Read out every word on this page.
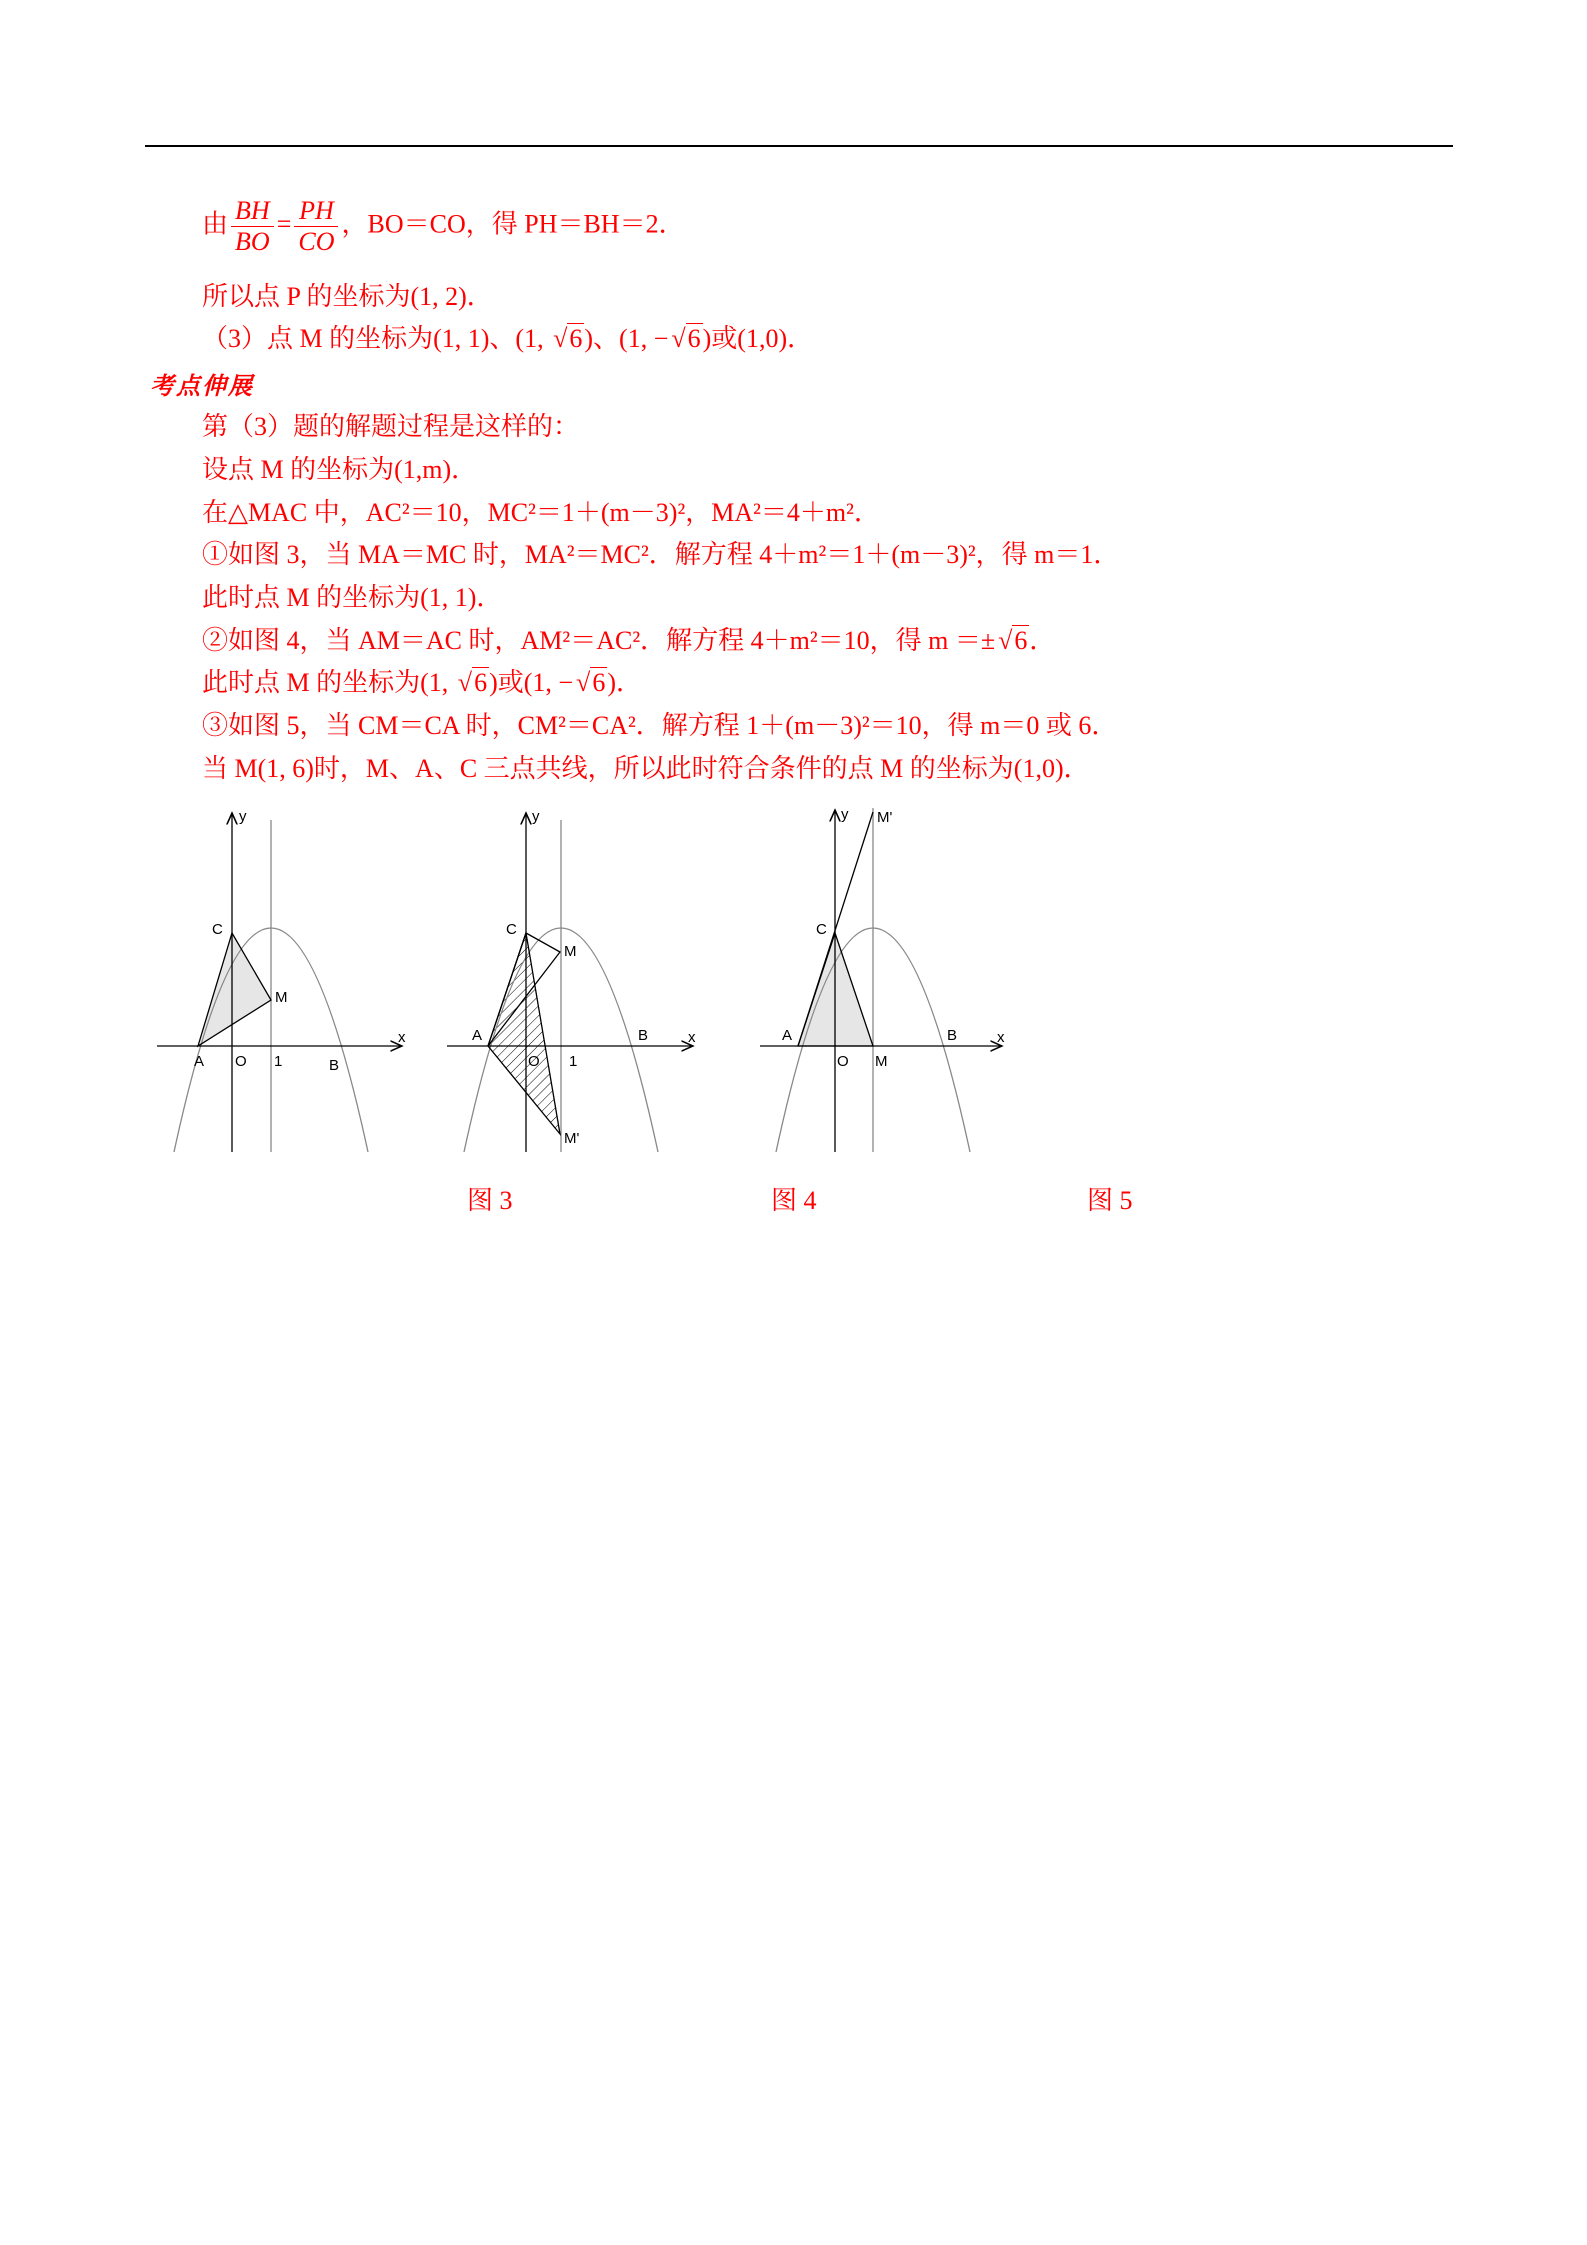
由 $\frac{BH}{BO} = \frac{PH}{CO}$ ，BO＝CO，得 PH＝BH＝2．
所以点 P 的坐标为(1, 2)．
（3）点 M 的坐标为(1, 1)、(1, √6)、(1, − √6)或(1,0)．
考点伸展
第（3）题的解题过程是这样的：
设点 M 的坐标为(1,m)．
在△MAC 中，AC²＝10，MC²＝1＋(m－3)²，MA²＝4＋m²．
①如图 3，当 MA＝MC 时，MA²＝MC²．解方程 4＋m²＝1＋(m－3)²，得 m＝1．
此时点 M 的坐标为(1, 1)．
②如图 4，当 AM＝AC 时，AM²＝AC²．解方程 4＋m²＝10，得 m ＝± √6．
此时点 M 的坐标为(1, √6)或(1, − √6)．
③如图 5，当 CM＝CA 时，CM²＝CA²．解方程 1＋(m－3)²＝10，得 m＝0 或 6．
当 M(1, 6)时，M、A、C 三点共线，所以此时符合条件的点 M 的坐标为(1,0)．
y
x
C
M
A O 1	B
y
x
C
M
A
O 1
B
M'
y
x
C
M'
A
O M
B
图 3	图 4	图 5
